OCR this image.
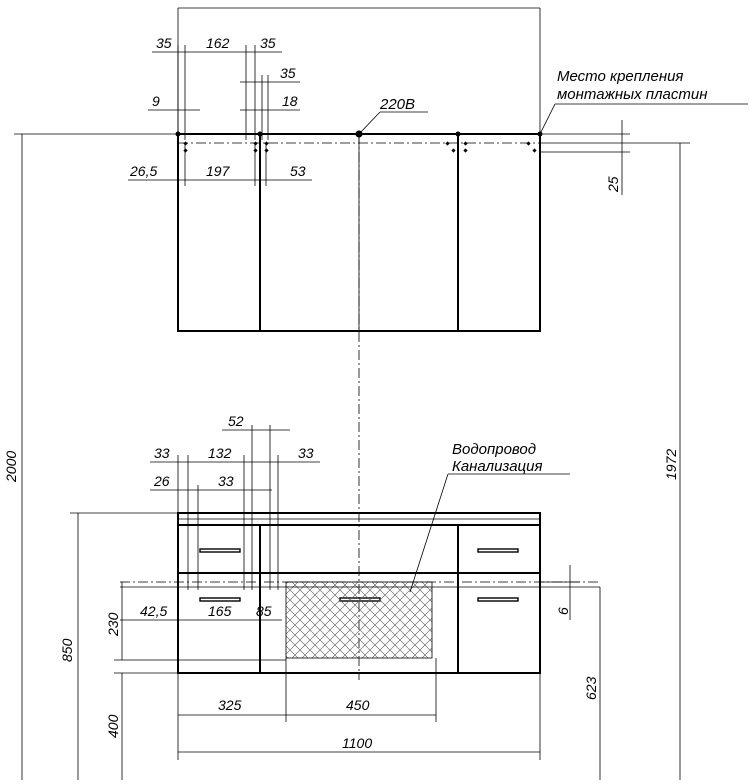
35 162 35
35
9	18
26,5	197	53
25
220В
Место крепления
монтажных пластин
52
33	132	33
26	33
42,5	165 85
230
6
850
623
400
325	450
1100
Водопровод
Канализация
2000	1972
